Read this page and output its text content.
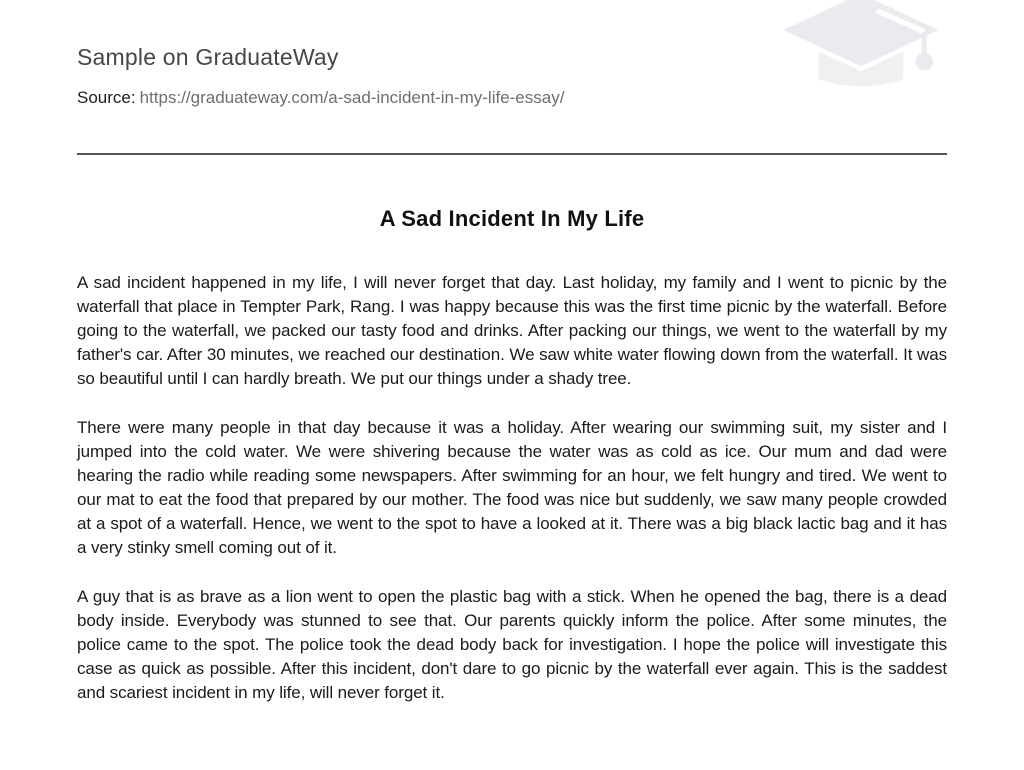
Sample on GraduateWay
Source: https://graduateway.com/a-sad-incident-in-my-life-essay/
A Sad Incident In My Life

A sad incident happened in my life, I will never forget that day. Last holiday, my family and I went to picnic by the waterfall that place in Tempter Park, Rang. I was happy because this was the first time picnic by the waterfall. Before going to the waterfall, we packed our tasty food and drinks. After packing our things, we went to the waterfall by my father's car. After 30 minutes, we reached our destination. We saw white water flowing down from the waterfall. It was so beautiful until I can hardly breath. We put our things under a shady tree.

There were many people in that day because it was a holiday. After wearing our swimming suit, my sister and I jumped into the cold water. We were shivering because the water was as cold as ice. Our mum and dad were hearing the radio while reading some newspapers. After swimming for an hour, we felt hungry and tired. We went to our mat to eat the food that prepared by our mother. The food was nice but suddenly, we saw many people crowded at a spot of a waterfall. Hence, we went to the spot to have a looked at it. There was a big black lactic bag and it has a very stinky smell coming out of it.

A guy that is as brave as a lion went to open the plastic bag with a stick. When he opened the bag, there is a dead body inside. Everybody was stunned to see that. Our parents quickly inform the police. After some minutes, the police came to the spot. The police took the dead body back for investigation. I hope the police will investigate this case as quick as possible. After this incident, don't dare to go picnic by the waterfall ever again. This is the saddest and scariest incident in my life, will never forget it.
